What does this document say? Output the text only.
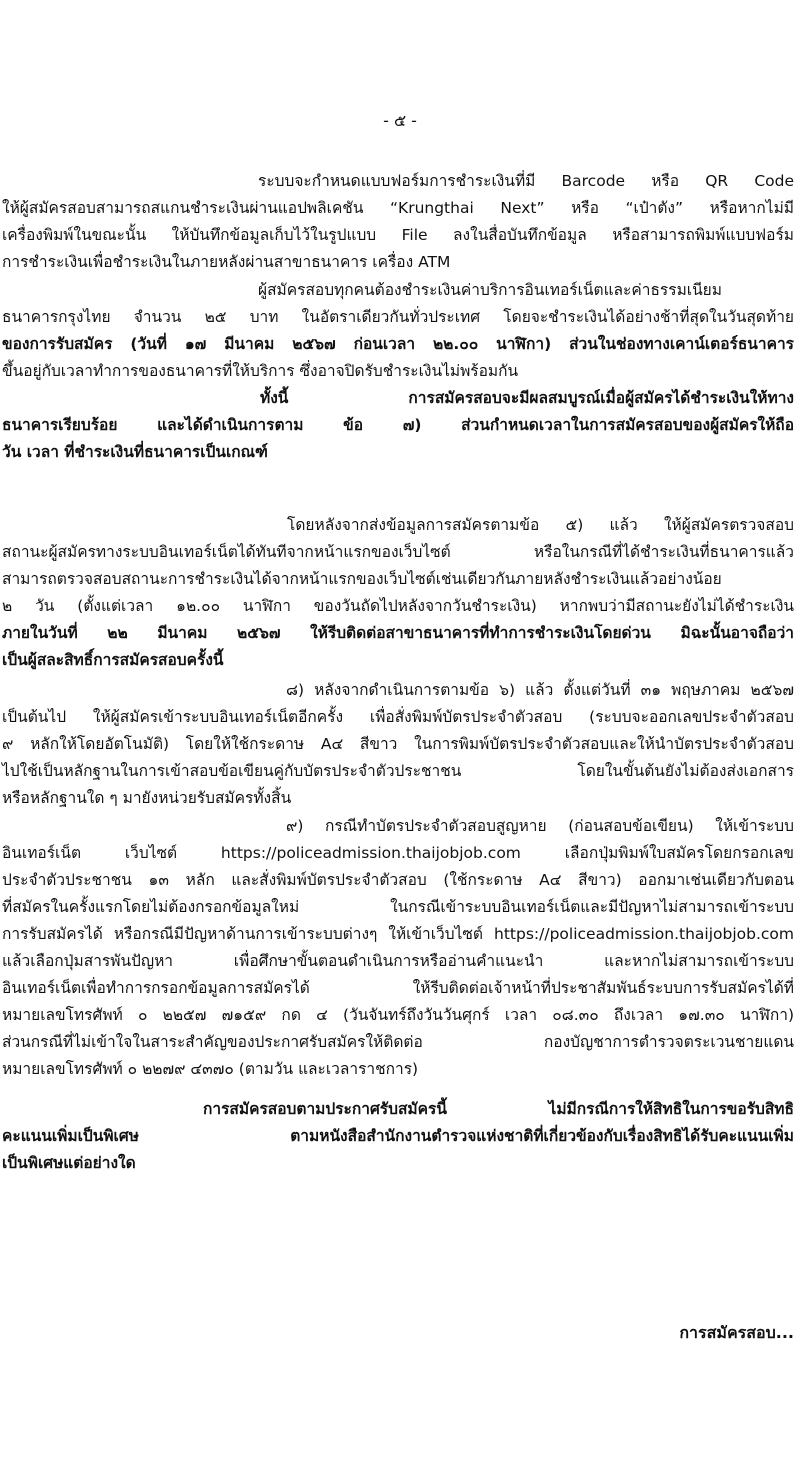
- ๕ -
ระบบจะกำหนดแบบฟอร์มการชำระเงินที่มี Barcode หรือ QR Code
ให้ผู้สมัครสอบสามารถสแกนชำระเงินผ่านแอปพลิเคชัน “Krungthai Next” หรือ “เป๋าตัง” หรือหากไม่มี
เครื่องพิมพ์ในขณะนั้น ให้บันทึกข้อมูลเก็บไว้ในรูปแบบ File ลงในสื่อบันทึกข้อมูล หรือสามารถพิมพ์แบบฟอร์ม
การชำระเงินเพื่อชำระเงินในภายหลังผ่านสาขาธนาคาร เครื่อง ATM
ผู้สมัครสอบทุกคนต้องชำระเงินค่าบริการอินเทอร์เน็ตและค่าธรรมเนียม
ธนาคารกรุงไทย จำนวน ๒๕ บาท ในอัตราเดียวกันทั่วประเทศ โดยจะชำระเงินได้อย่างช้าที่สุดในวันสุดท้าย
ของการรับสมัคร (วันที่ ๑๗ มีนาคม ๒๕๖๗ ก่อนเวลา ๒๒.๐๐ นาฬิกา) ส่วนในช่องทางเคาน์เตอร์ธนาคาร
ขึ้นอยู่กับเวลาทำการของธนาคารที่ให้บริการ ซึ่งอาจปิดรับชำระเงินไม่พร้อมกัน
ทั้งนี้ การสมัครสอบจะมีผลสมบูรณ์เมื่อผู้สมัครได้ชำระเงินให้ทาง
ธนาคารเรียบร้อย และได้ดำเนินการตาม ข้อ ๗) ส่วนกำหนดเวลาในการสมัครสอบของผู้สมัครให้ถือ
วัน เวลา ที่ชำระเงินที่ธนาคารเป็นเกณฑ์
โดยหลังจากส่งข้อมูลการสมัครตามข้อ ๕) แล้ว ให้ผู้สมัครตรวจสอบ
สถานะผู้สมัครทางระบบอินเทอร์เน็ตได้ทันทีจากหน้าแรกของเว็บไซต์ หรือในกรณีที่ได้ชำระเงินที่ธนาคารแล้ว
สามารถตรวจสอบสถานะการชำระเงินได้จากหน้าแรกของเว็บไซต์เช่นเดียวกันภายหลังชำระเงินแล้วอย่างน้อย
๒ วัน (ตั้งแต่เวลา ๑๒.๐๐ นาฬิกา ของวันถัดไปหลังจากวันชำระเงิน) หากพบว่ามีสถานะยังไม่ได้ชำระเงิน
ภายในวันที่ ๒๒ มีนาคม ๒๕๖๗ ให้รีบติดต่อสาขาธนาคารที่ทำการชำระเงินโดยด่วน มิฉะนั้นอาจถือว่า
เป็นผู้สละสิทธิ์การสมัครสอบครั้งนี้
๘) หลังจากดำเนินการตามข้อ ๖) แล้ว ตั้งแต่วันที่ ๓๑ พฤษภาคม ๒๕๖๗
เป็นต้นไป ให้ผู้สมัครเข้าระบบอินเทอร์เน็ตอีกครั้ง เพื่อสั่งพิมพ์บัตรประจำตัวสอบ (ระบบจะออกเลขประจำตัวสอบ
๙ หลักให้โดยอัตโนมัติ) โดยให้ใช้กระดาษ A๔ สีขาว ในการพิมพ์บัตรประจำตัวสอบและให้นำบัตรประจำตัวสอบ
ไปใช้เป็นหลักฐานในการเข้าสอบข้อเขียนคู่กับบัตรประจำตัวประชาชน โดยในขั้นต้นยังไม่ต้องส่งเอกสาร
หรือหลักฐานใด ๆ มายังหน่วยรับสมัครทั้งสิ้น
๙) กรณีทำบัตรประจำตัวสอบสูญหาย (ก่อนสอบข้อเขียน) ให้เข้าระบบ
อินเทอร์เน็ต เว็บไซต์ https://policeadmission.thaijobjob.com เลือกปุ่มพิมพ์ใบสมัครโดยกรอกเลข
ประจำตัวประชาชน ๑๓ หลัก และสั่งพิมพ์บัตรประจำตัวสอบ (ใช้กระดาษ A๔ สีขาว) ออกมาเช่นเดียวกับตอน
ที่สมัครในครั้งแรกโดยไม่ต้องกรอกข้อมูลใหม่ ในกรณีเข้าระบบอินเทอร์เน็ตและมีปัญหาไม่สามารถเข้าระบบ
การรับสมัครได้ หรือกรณีมีปัญหาด้านการเข้าระบบต่างๆ ให้เข้าเว็บไซต์ https://policeadmission.thaijobjob.com
แล้วเลือกปุ่มสารพันปัญหา เพื่อศึกษาขั้นตอนดำเนินการหรืออ่านคำแนะนำ และหากไม่สามารถเข้าระบบ
อินเทอร์เน็ตเพื่อทำการกรอกข้อมูลการสมัครได้ ให้รีบติดต่อเจ้าหน้าที่ประชาสัมพันธ์ระบบการรับสมัครได้ที่
หมายเลขโทรศัพท์ ๐ ๒๒๕๗ ๗๑๕๙ กด ๔ (วันจันทร์ถึงวันวันศุกร์ เวลา ๐๘.๓๐ ถึงเวลา ๑๗.๓๐ นาฬิกา)
ส่วนกรณีที่ไม่เข้าใจในสาระสำคัญของประกาศรับสมัครให้ติดต่อ กองบัญชาการตำรวจตระเวนชายแดน
หมายเลขโทรศัพท์ ๐ ๒๒๗๙ ๔๓๗๐ (ตามวัน และเวลาราชการ)
การสมัครสอบตามประกาศรับสมัครนี้ ไม่มีกรณีการให้สิทธิในการขอรับสิทธิ
คะแนนเพิ่มเป็นพิเศษ ตามหนังสือสำนักงานตำรวจแห่งชาติที่เกี่ยวข้องกับเรื่องสิทธิได้รับคะแนนเพิ่ม
เป็นพิเศษแต่อย่างใด
การสมัครสอบ...
